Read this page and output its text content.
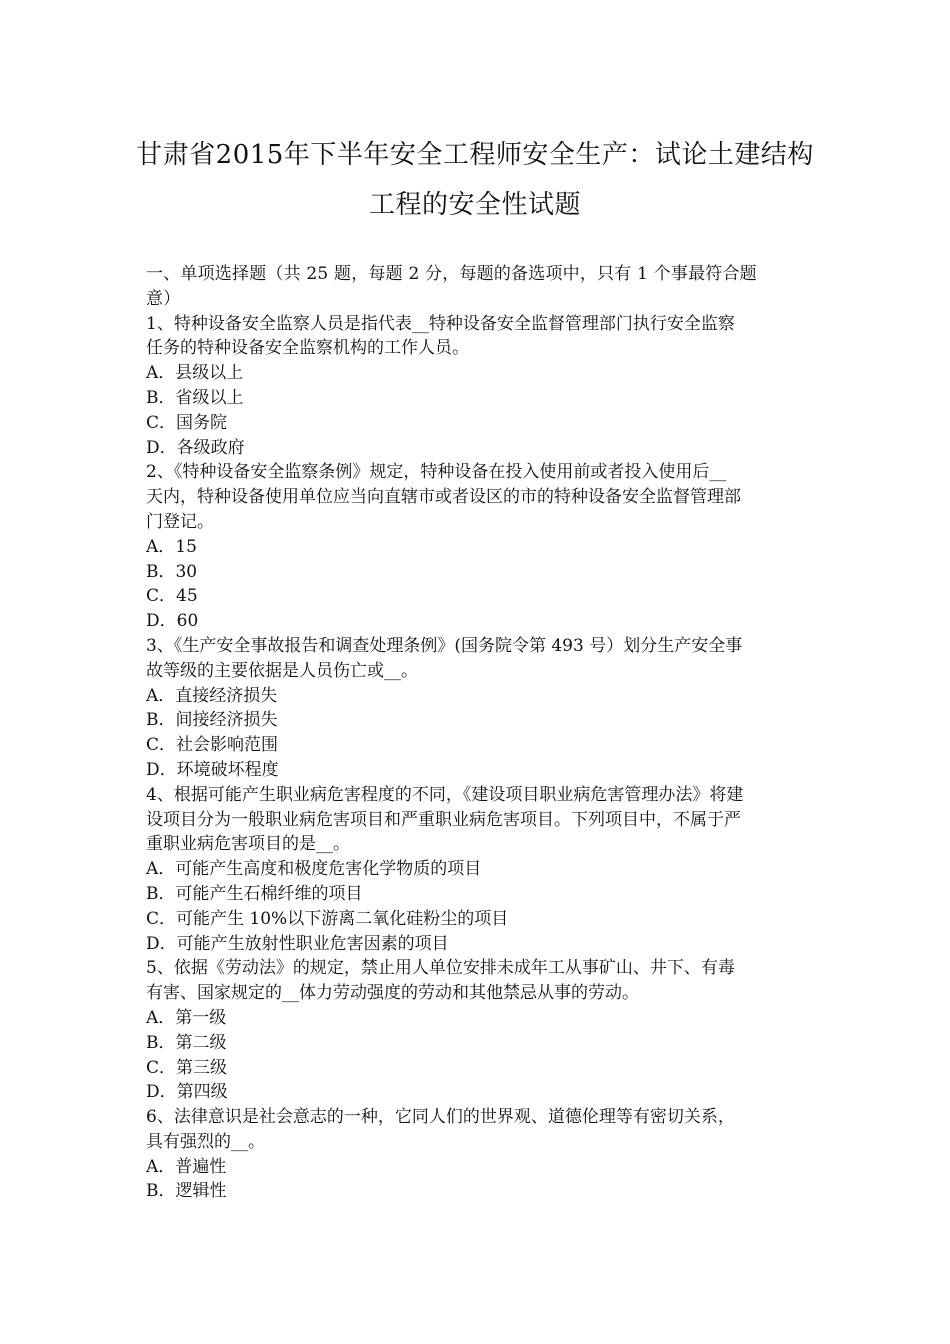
甘肃省2015年下半年安全工程师安全生产：试论土建结构
工程的安全性试题
一、单项选择题（共 25 题，每题 2 分，每题的备选项中，只有 1 个事最符合题
意）
1、特种设备安全监察人员是指代表__特种设备安全监督管理部门执行安全监察
任务的特种设备安全监察机构的工作人员。
A．县级以上
B．省级以上
C．国务院
D．各级政府
2、《特种设备安全监察条例》规定，特种设备在投入使用前或者投入使用后__
天内，特种设备使用单位应当向直辖市或者设区的市的特种设备安全监督管理部
门登记。
A．15
B．30
C．45
D．60
3、《生产安全事故报告和调查处理条例》(国务院令第 493 号）划分生产安全事
故等级的主要依据是人员伤亡或__。
A．直接经济损失
B．间接经济损失
C．社会影响范围
D．环境破坏程度
4、根据可能产生职业病危害程度的不同，《建设项目职业病危害管理办法》将建
设项目分为一般职业病危害项目和严重职业病危害项目。下列项目中，不属于严
重职业病危害项目的是__。
A．可能产生高度和极度危害化学物质的项目
B．可能产生石棉纤维的项目
C．可能产生 10%以下游离二氧化硅粉尘的项目
D．可能产生放射性职业危害因素的项目
5、依据《劳动法》的规定，禁止用人单位安排未成年工从事矿山、井下、有毒
有害、国家规定的__体力劳动强度的劳动和其他禁忌从事的劳动。
A．第一级
B．第二级
C．第三级
D．第四级
6、法律意识是社会意志的一种，它同人们的世界观、道德伦理等有密切关系，
具有强烈的__。
A．普遍性
B．逻辑性
